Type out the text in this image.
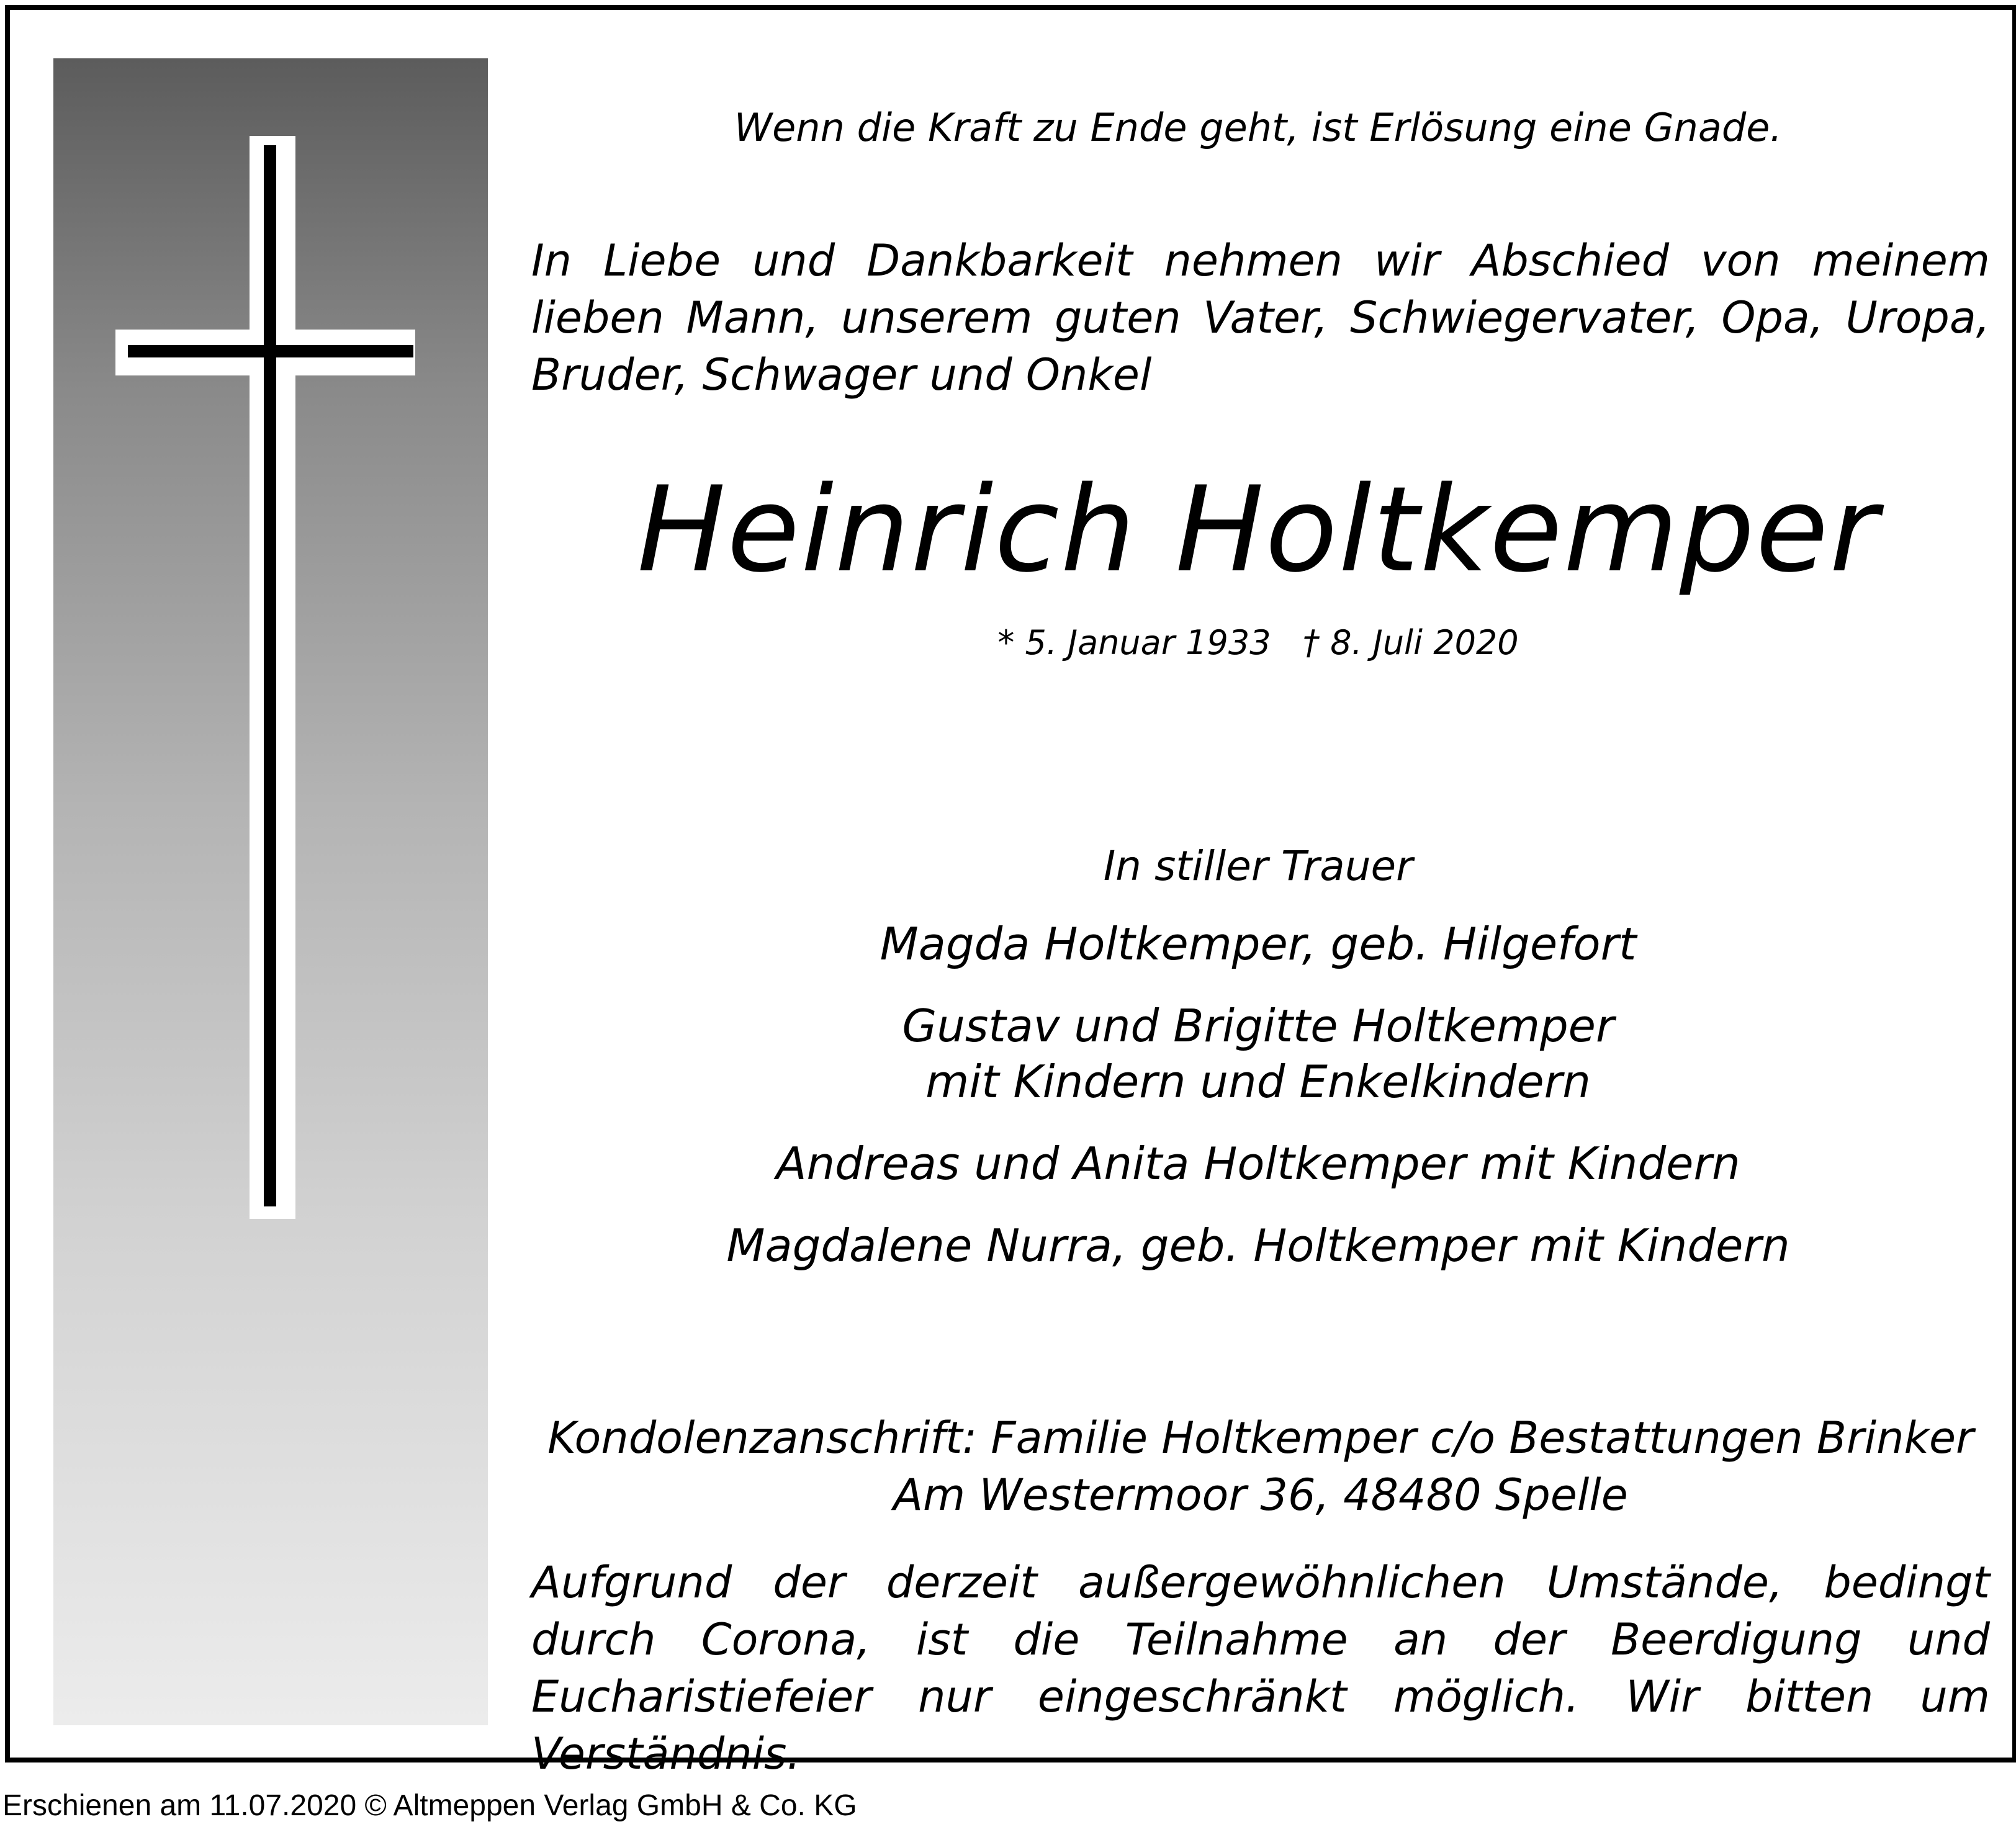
Wenn die Kraft zu Ende geht, ist Erlösung eine Gnade.
In Liebe und Dankbarkeit nehmen wir Abschied von meinem lieben Mann, unserem guten Vater, Schwiegervater, Opa, Uropa, Bruder, Schwager und Onkel
Heinrich Holtkemper
* 5. Januar 1933   † 8. Juli 2020
In stiller Trauer
Magda Holtkemper, geb. Hilgefort
Gustav und Brigitte Holtkemper
mit Kindern und Enkelkindern
Andreas und Anita Holtkemper mit Kindern
Magdalene Nurra, geb. Holtkemper mit Kindern
Kondolenzanschrift: Familie Holtkemper c/o Bestattungen Brinker
Am Westermoor 36, 48480 Spelle
Aufgrund der derzeit außergewöhnlichen Umstände, bedingt durch Corona, ist die Teilnahme an der Beerdigung und Eucharistiefeier nur eingeschränkt möglich. Wir bitten um Verständnis.
Erschienen am 11.07.2020 © Altmeppen Verlag GmbH & Co. KG
